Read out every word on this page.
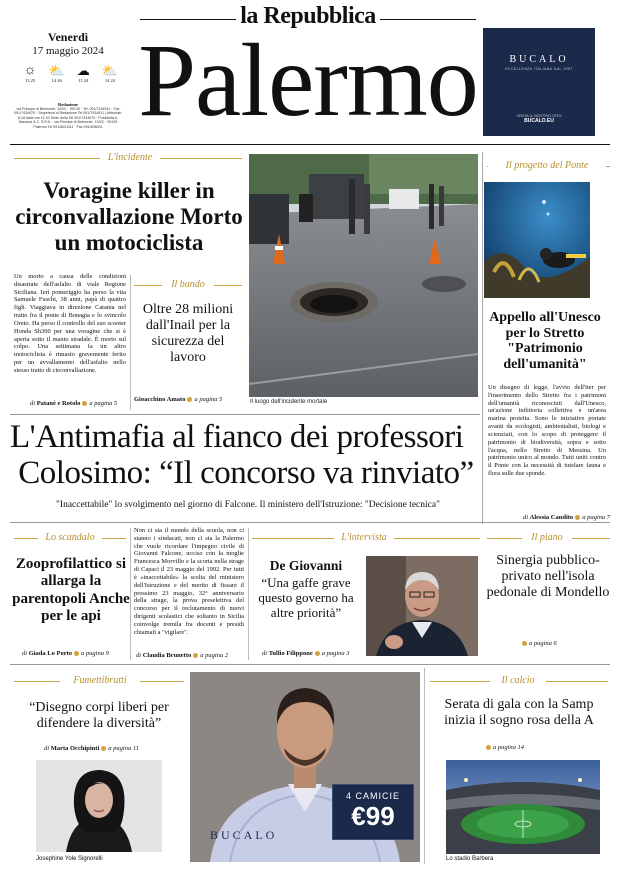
la Repubblica
Palermo
Venerdì
17 maggio 2024
☼
13 25
⛅
14 26
☁
15 24
⛅
14 24
Redazione
via Principe di Belmonte, 103/C · 90139 · Tel. 091/7434911 · Fax 091/7434970 · Segreteria di Redazione Tel 091/7434911 | Abbonati: 8-18 dalle ore 11-00 Sede della Tel 091/7434970 · Pubblicità A. Manzoni & C. S.P.A. · via Principe di Belmonte, 103/C · 90139 Palermo Tel 091/6021111 · Fax 091/608001
BUCALO
ECCELLENZA ITALIANA DAL 1957
VISITA IL NOSTRO SITO
BUCALO.EU
L'incidente
Voragine killer in circonvallazione Morto un motociclista
Un morto a causa delle condizioni disastrate dell'asfalto di viale Regione Siciliana. Ieri pomeriggio ha perso la vita Samuele Fuschi, 38 anni, papà di quattro figli. Viaggiava in direzione Catania nel tratto fra il ponte di Bonagia e lo svincolo Oreto. Ha perso il controllo del suo scooter Honda Sh300 per una voragine che si è aperta sotto il manto stradale. È morto sul colpo. Una settimana fa un altro motociclista è rimasto gravemente ferito per un avvallamento dell'asfalto nello stesso tratto di circonvallazione.
di Patanè e Rotolo a pagina 5
Il bando
Oltre 28 milioni dall'Inail per la sicurezza del lavoro
Gioacchino Amato a pagina 5	Il luogo dell'incidente mortale
Il progetto del Ponte
Appello all'Unesco per lo Stretto "Patrimonio dell'umanità"
Un disegno di legge, l'avvio dell'iter per l'inserimento dello Stretto fra i patrimoni dell'umanità riconosciuti dall'Unesco, un'azione inibitoria collettiva e un'area marina protetta. Sono le iniziative portate avanti da ecologisti, ambientalisti, biologi e scienziati, con lo scopo di proteggere il patrimonio di biodiversità, sopra e sotto l'acqua, nello Stretto di Messina. Un patrimonio unico al mondo. Tutti uniti contro il Ponte con la necessità di tutelare fauna e flora sulle due sponde.
di Alessia Candito a pagina 7
L'Antimafia al fianco dei professori
Colosimo: “Il concorso va rinviato”
"Inaccettabile" lo svolgimento nel giorno di Falcone. Il ministero dell'Istruzione: "Decisione tecnica"
Lo scandalo
Zooprofilattico si allarga la parentopoli Anche per le api
di Giada Lo Porto a pagina 9
Non ci sta il mondo della scuola, non ci stanno i sindacati, non ci sta la Palermo che vuole ricordare l'impegno civile di Giovanni Falcone, ucciso con la moglie Francesca Morvillo e la scorta nella strage di Capaci il 23 maggio del 1992. Per tutti è «inaccettabile» la scelta del ministero dell'Istruzione e del merito di fissare il prossimo 23 maggio, 32° anniversario della strage, la prova preselettiva del concorso per il reclutamento di nuovi dirigenti scolastici che soltanto in Sicilia coinvolge tremila fra docenti e presidi chiamati a "vigilare".
di Claudia Brunetto a pagina 2
L'intervista
De Giovanni
“Una gaffe grave questo governo ha altre priorità”
di Tullio Filippone a pagina 3
Il piano
Sinergia pubblico-privato nell'isola pedonale di Mondello
a pagina 6
Fumettibrutti
“Disegno corpi liberi per difendere la diversità”
di Marta Occhipinti a pagina 11
Josephine Yole Signorelli
BUCALO
4 CAMICIE
€99
Il calcio
Serata di gala con la Samp inizia il sogno rosa della A
a pagina 14
Lo stadio Barbera
